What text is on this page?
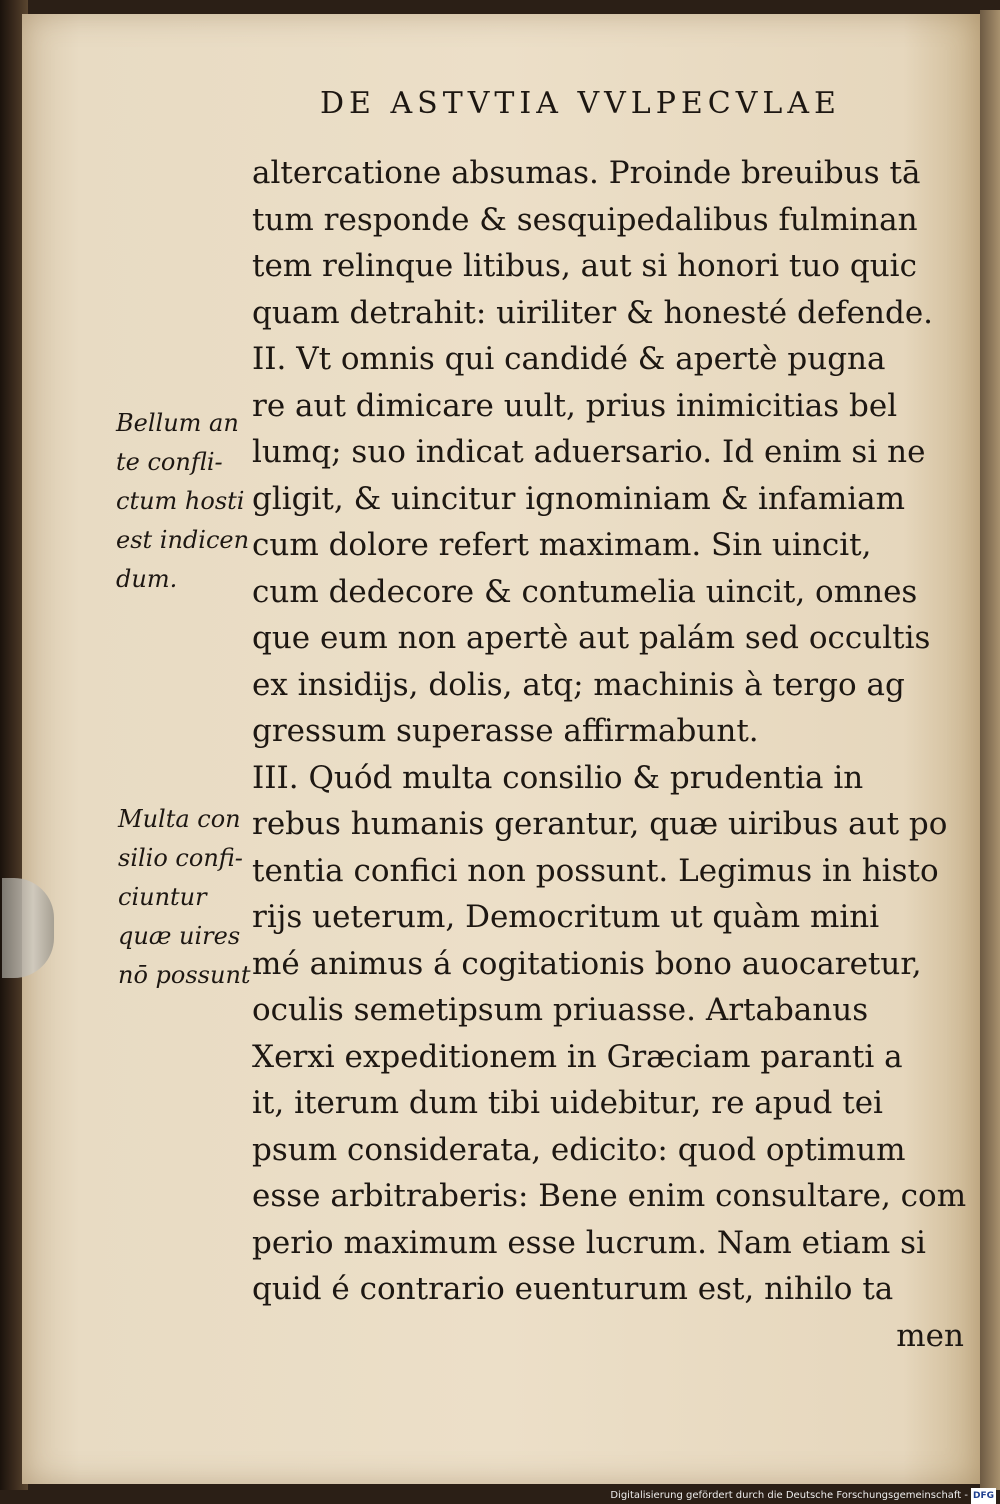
DE ASTVTIA VVLPECVLAE
altercatione absumas. Proinde breuibus tā
tum responde & sesquipedalibus fulminan
tem relinque litibus, aut si honori tuo quic
quam detrahit: uiriliter & honesté defende.
II. Vt omnis qui candidé & apertè pugna
re aut dimicare uult, prius inimicitias bel
lumq; suo indicat aduersario. Id enim si ne
gligit, & uincitur ignominiam & infamiam
cum dolore refert maximam. Sin uincit,
cum dedecore & contumelia uincit, omnes
que eum non apertè aut palám sed occultis
ex insidijs, dolis, atq; machinis à tergo ag
gressum superasse affirmabunt.
III. Quód multa consilio & prudentia in
rebus humanis gerantur, quæ uiribus aut po
tentia confici non possunt. Legimus in histo
rijs ueterum, Democritum ut quàm mini
mé animus á cogitationis bono auocaretur,
oculis semetipsum priuasse. Artabanus
Xerxi expeditionem in Græciam paranti a
it, iterum dum tibi uidebitur, re apud tei
psum considerata, edicito: quod optimum
esse arbitraberis: Bene enim consultare, com
perio maximum esse lucrum. Nam etiam si
quid é contrario euenturum est, nihilo ta
men
Bellum an
te confli-
ctum hosti
est indicen
dum.
Multa con
silio confi-
ciuntur
quæ uires
nō possunt
Digitalisierung gefördert durch die Deutsche Forschungsgemeinschaft - DFG
